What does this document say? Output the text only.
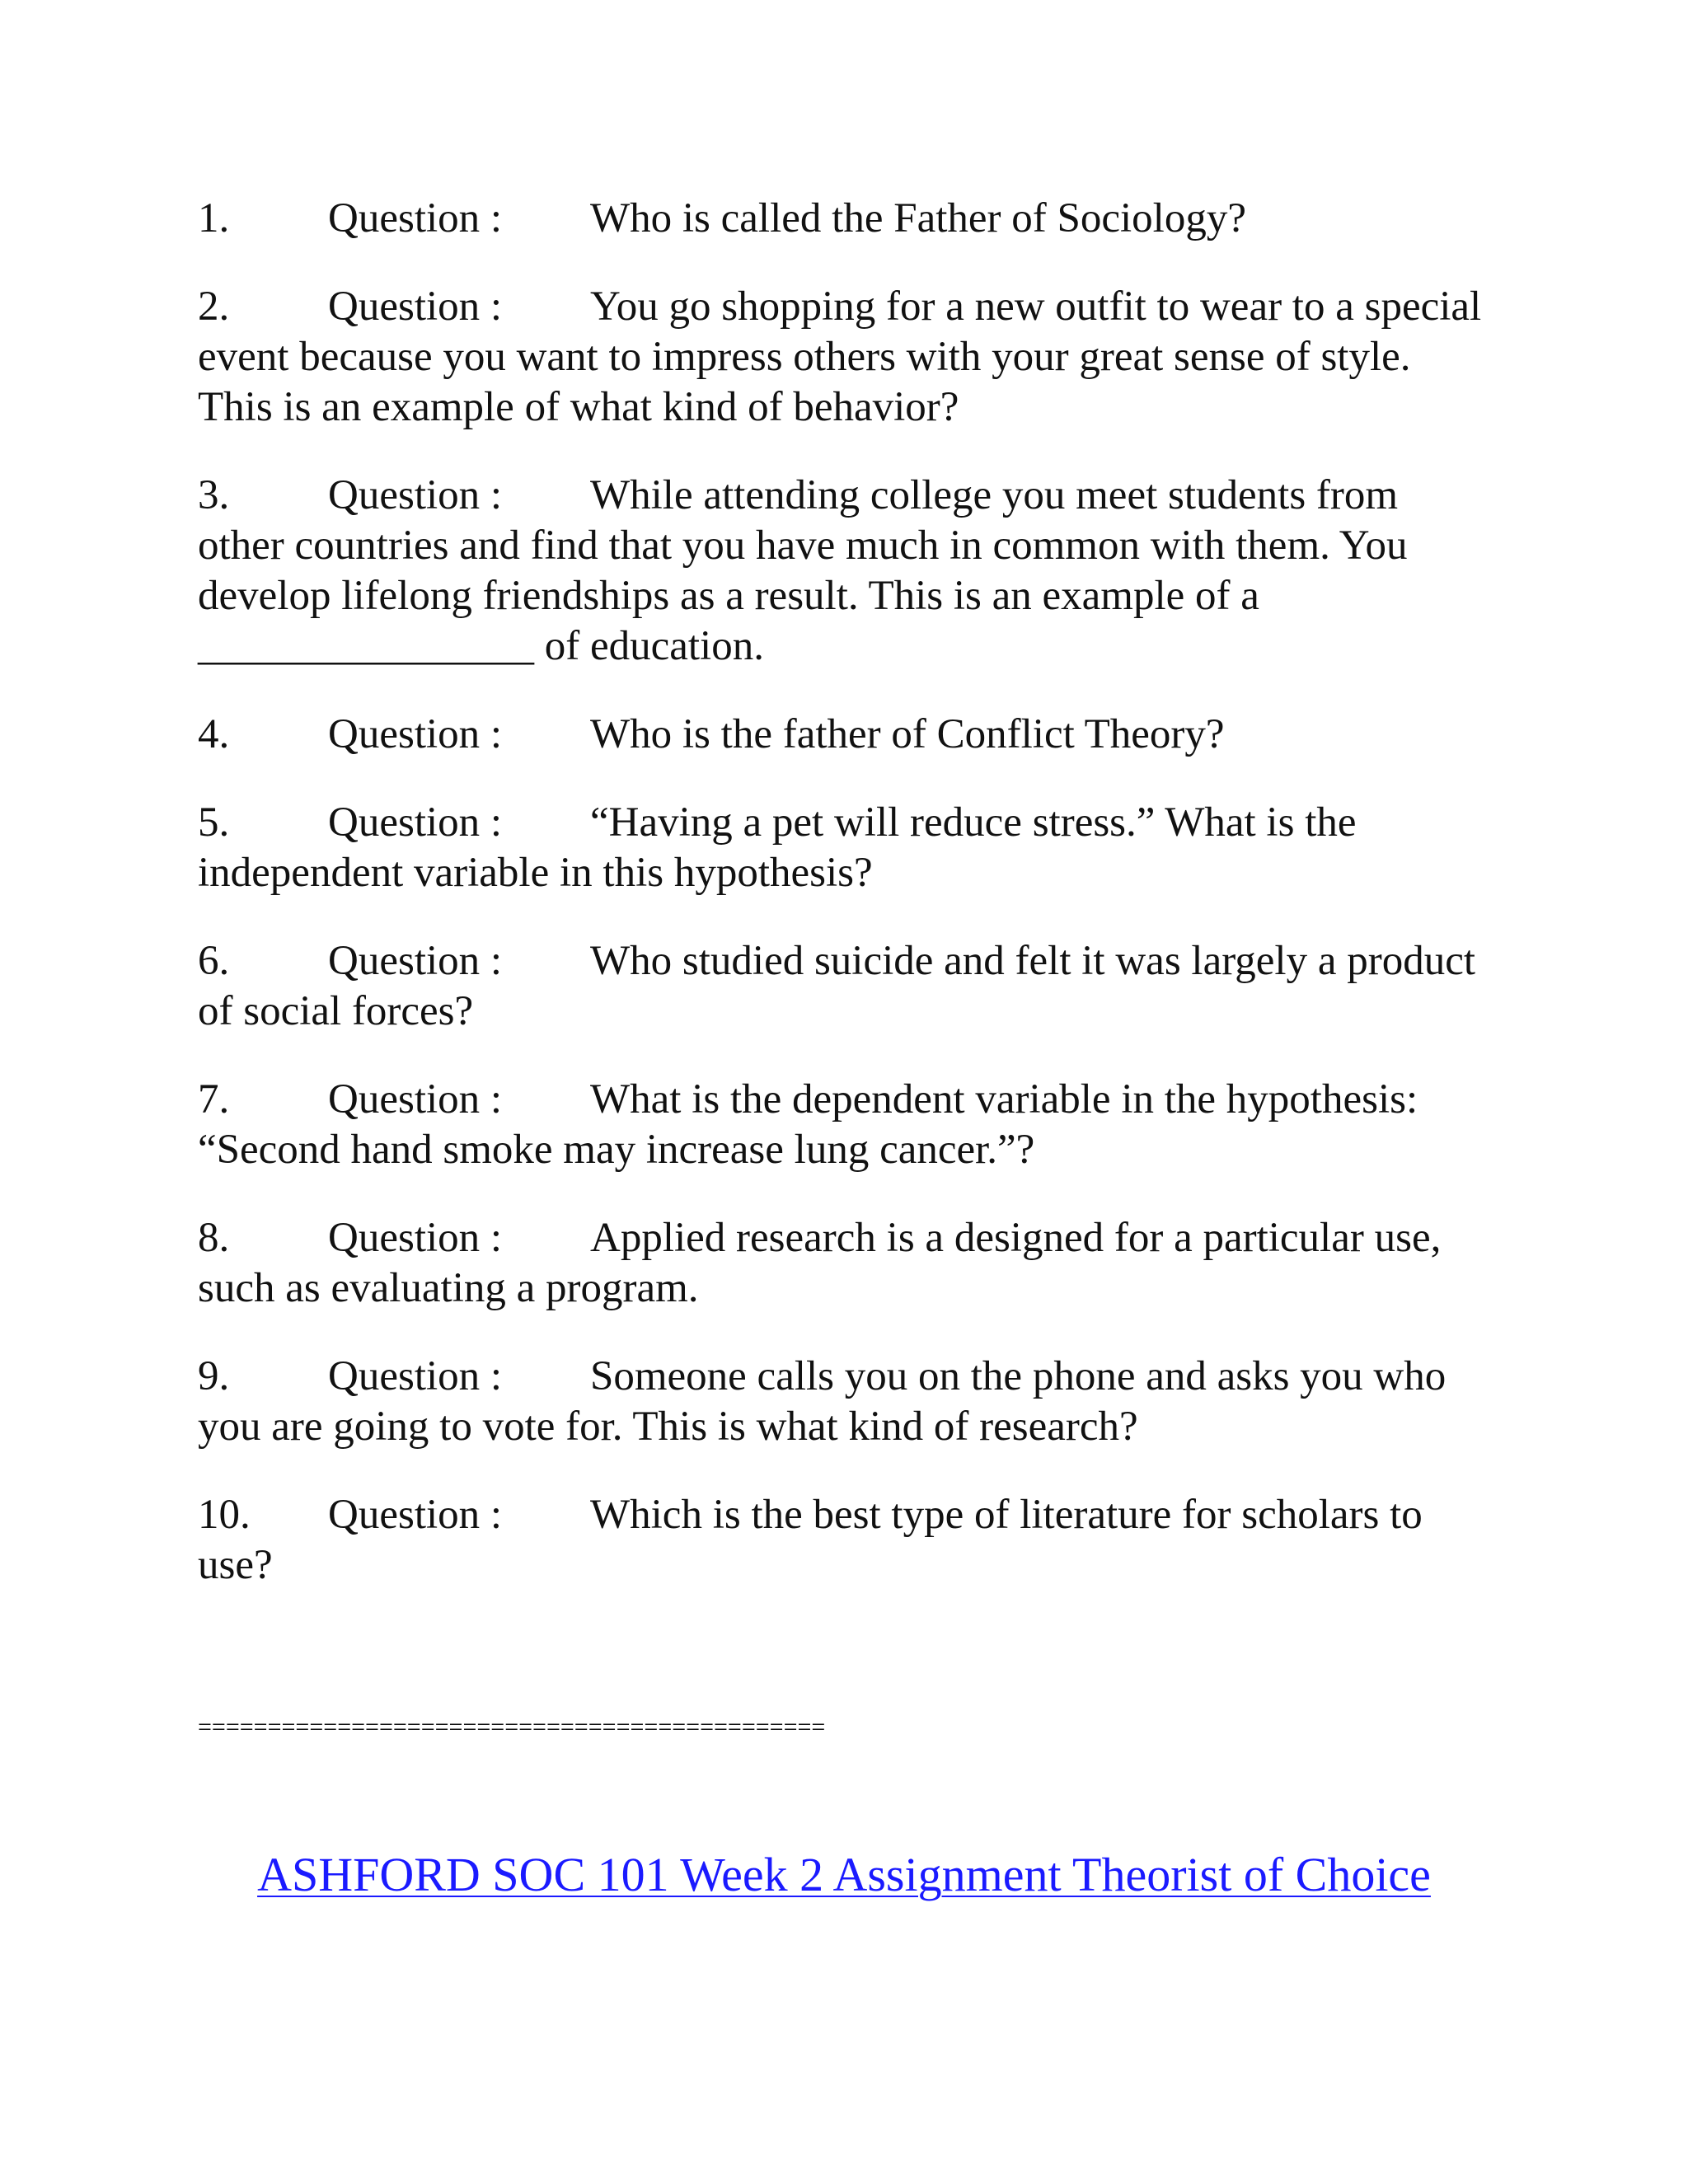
1. Question : Who is called the Father of Sociology?

2. Question : You go shopping for a new outfit to wear to a special event because you want to impress others with your great sense of style. This is an example of what kind of behavior?

3. Question : While attending college you meet students from other countries and find that you have much in common with them. You develop lifelong friendships as a result. This is an example of a ________________ of education.

4. Question : Who is the father of Conflict Theory?

5. Question : “Having a pet will reduce stress.” What is the independent variable in this hypothesis?

6. Question : Who studied suicide and felt it was largely a product of social forces?

7. Question : What is the dependent variable in the hypothesis: “Second hand smoke may increase lung cancer.”?

8. Question : Applied research is a designed for a particular use, such as evaluating a program.

9. Question : Someone calls you on the phone and asks you who you are going to vote for. This is what kind of research?

10. Question : Which is the best type of literature for scholars to use?

=============================================
ASHFORD SOC 101 Week 2 Assignment Theorist of Choice
